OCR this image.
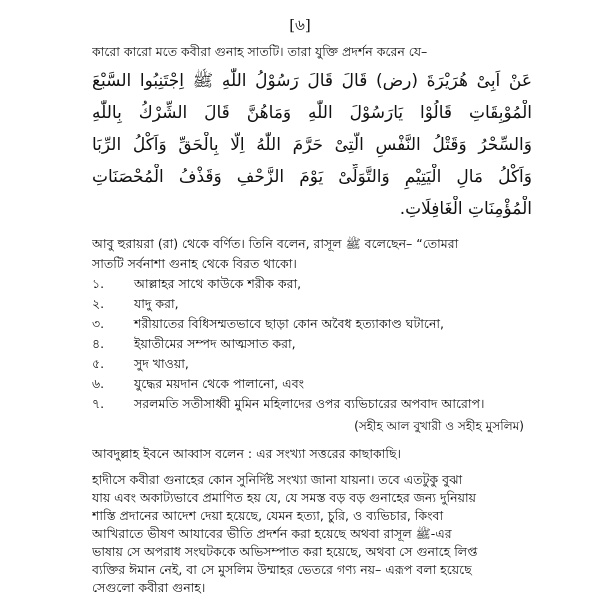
[৬]
কারো কারো মতে কবীরা গুনাহ সাতটি। তারা যুক্তি প্রদর্শন করেন যে–
عَنْ اَبِىْ هُرَيْرَةَ (رض) قَالَ قَالَ رَسُوْلُ اللّٰهِ ﷺ اِجْتَنِبُوا السَّبْعَ
الْمُوْبِقَاتِ قَالُوْا يَارَسُوْلَ اللّٰهِ وَمَاهُنَّ قَالَ الشِّرْكُ بِاللّٰهِ
وَالسِّحْرُ وَقَتْلُ النَّفْسِ الَّتِىْ حَرَّمَ اللّٰهُ اِلَّا بِالْحَقِّ وَاَكْلُ الرِّبَا
وَاَكْلُ مَالِ الْيَتِيْمِ وَالتَّوَلِّىْ يَوْمَ الزَّحْفِ وَقَذْفُ الْمُحْصَنَاتِ
الْمُؤْمِنَاتِ الْغَافِلَاتِ.
আবু হুরায়রা (রা) থেকে বর্ণিত। তিনি বলেন, রাসূল ﷺ বলেছেন– “তোমরা
সাতটি সর্বনাশা গুনাহ থেকে বিরত থাকো।
১. আল্লাহর সাথে কাউকে শরীক করা,
২. যাদু করা,
৩. শরীয়াতের বিধিসম্মতভাবে ছাড়া কোন অবৈধ হত্যাকাণ্ড ঘটানো,
৪. ইয়াতীমের সম্পদ আত্মসাত করা,
৫. সুদ খাওয়া,
৬. যুদ্ধের ময়দান থেকে পালানো, এবং
৭. সরলমতি সতীসাধ্বী মুমিন মহিলাদের ওপর ব্যভিচারের অপবাদ আরোপ।
(সহীহ আল বুখারী ও সহীহ মুসলিম)
আবদুল্লাহ ইবনে আব্বাস বলেন : এর সংখ্যা সত্তরের কাছাকাছি।
হাদীসে কবীরা গুনাহের কোন সুনির্দিষ্ট সংখ্যা জানা যায়না। তবে এতটুকু বুঝা
যায় এবং অকাট্যভাবে প্রমাণিত হয় যে, যে সমস্ত বড় বড় গুনাহের জন্য দুনিয়ায়
শাস্তি প্রদানের আদেশ দেয়া হয়েছে, যেমন হত্যা, চুরি, ও ব্যভিচার, কিংবা
আখিরাতে ভীষণ আযাবের ভীতি প্রদর্শন করা হয়েছে অথবা রাসূল ﷺ-এর
ভাষায় সে অপরাধ সংঘটককে অভিসম্পাত করা হয়েছে, অথবা সে গুনাহে লিপ্ত
ব্যক্তির ঈমান নেই, বা সে মুসলিম উম্মাহর ভেতরে গণ্য নয়– এরূপ বলা হয়েছে
সেগুলো কবীরা গুনাহ।
